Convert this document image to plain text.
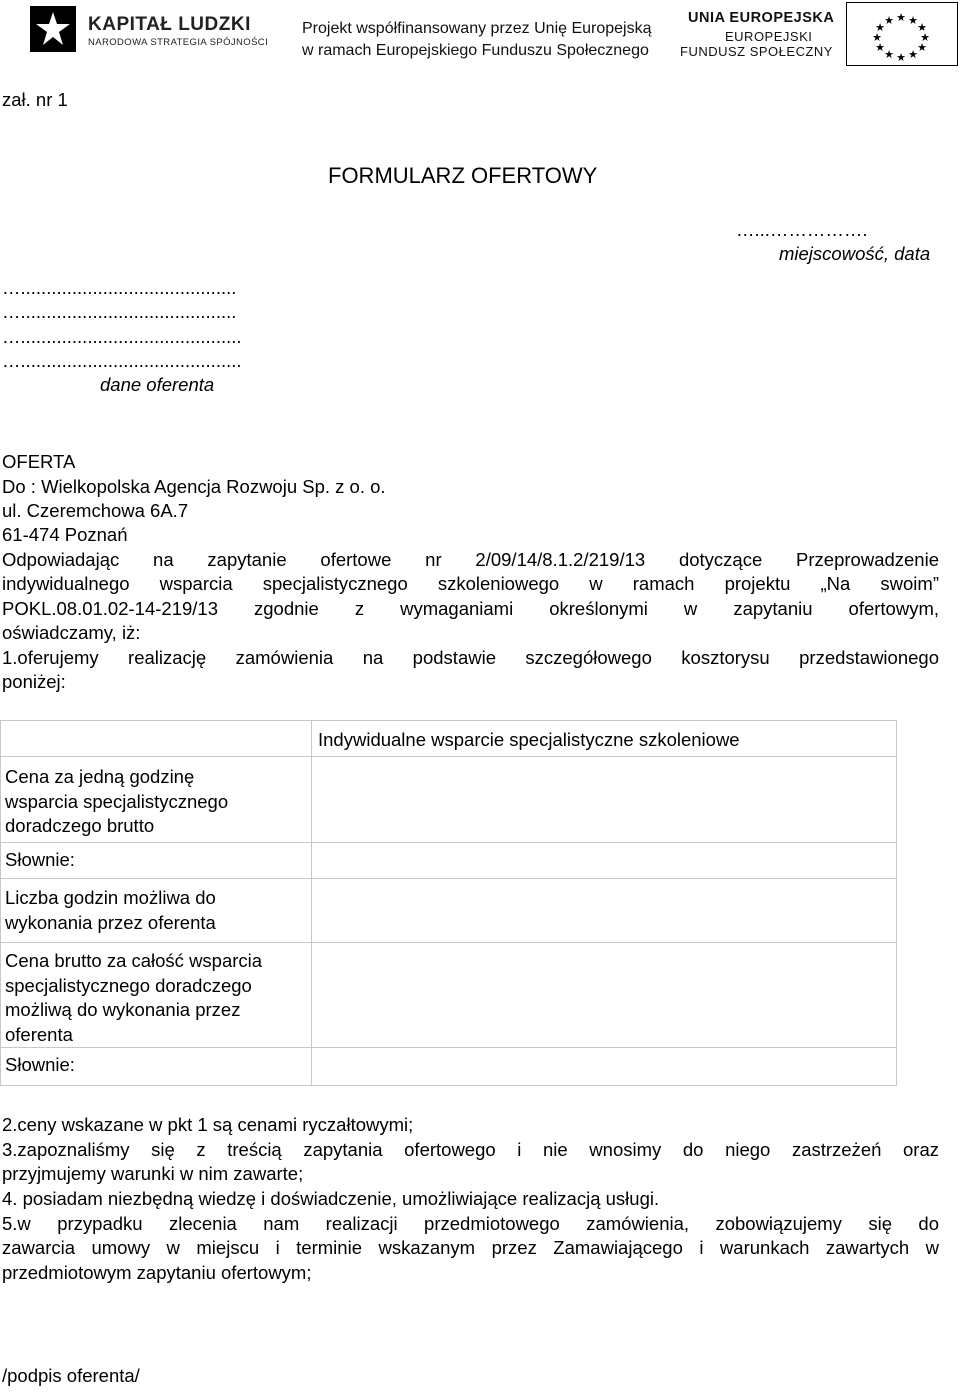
KAPITAŁ LUDZKI
NARODOWA STRATEGIA SPÓJNOŚCI
Projekt współfinansowany przez Unię Europejską
w ramach Europejskiego Funduszu Społecznego
UNIA EUROPEJSKA
EUROPEJSKI
FUNDUSZ SPOŁECZNY
★ ★
★
★
★
★
★
★
★
★
★
★
zał. nr 1
FORMULARZ OFERTOWY
…...…………….
miejscowość, data
…..........................................
…..........................................
…...........................................
…...........................................
dane oferenta
OFERTA
Do : Wielkopolska Agencja Rozwoju Sp. z o. o.
ul. Czeremchowa 6A.7
61-474 Poznań
Odpowiadając na zapytanie ofertowe nr 2/09/14/8.1.2/219/13 dotyczące Przeprowadzenie
indywidualnego wsparcia specjalistycznego szkoleniowego w ramach projektu „Na swoim”
POKL.08.01.02-14-219/13 zgodnie z wymaganiami określonymi w zapytaniu ofertowym,
oświadczamy, iż:
1.oferujemy realizację zamówienia na podstawie szczegółowego kosztorysu przedstawionego
poniżej:
	Indywidualne wsparcie specjalistyczne szkoleniowe

Cena za jedną godzinę
wsparcia specjalistycznego
doradczego brutto	

Słownie:	

Liczba godzin możliwa do
wykonania przez oferenta	

Cena brutto za całość wsparcia
specjalistycznego doradczego
możliwą do wykonania przez
oferenta	

Słownie:	

2.ceny wskazane w pkt 1 są cenami ryczałtowymi;
3.zapoznaliśmy się z treścią zapytania ofertowego i nie wnosimy do niego zastrzeżeń oraz
przyjmujemy warunki w nim zawarte;
4. posiadam niezbędną wiedzę i doświadczenie, umożliwiające realizacją usługi.
5.w przypadku zlecenia nam realizacji przedmiotowego zamówienia, zobowiązujemy się do
zawarcia umowy w miejscu i terminie wskazanym przez Zamawiającego i warunkach zawartych w
przedmiotowym zapytaniu ofertowym;
/podpis oferenta/
